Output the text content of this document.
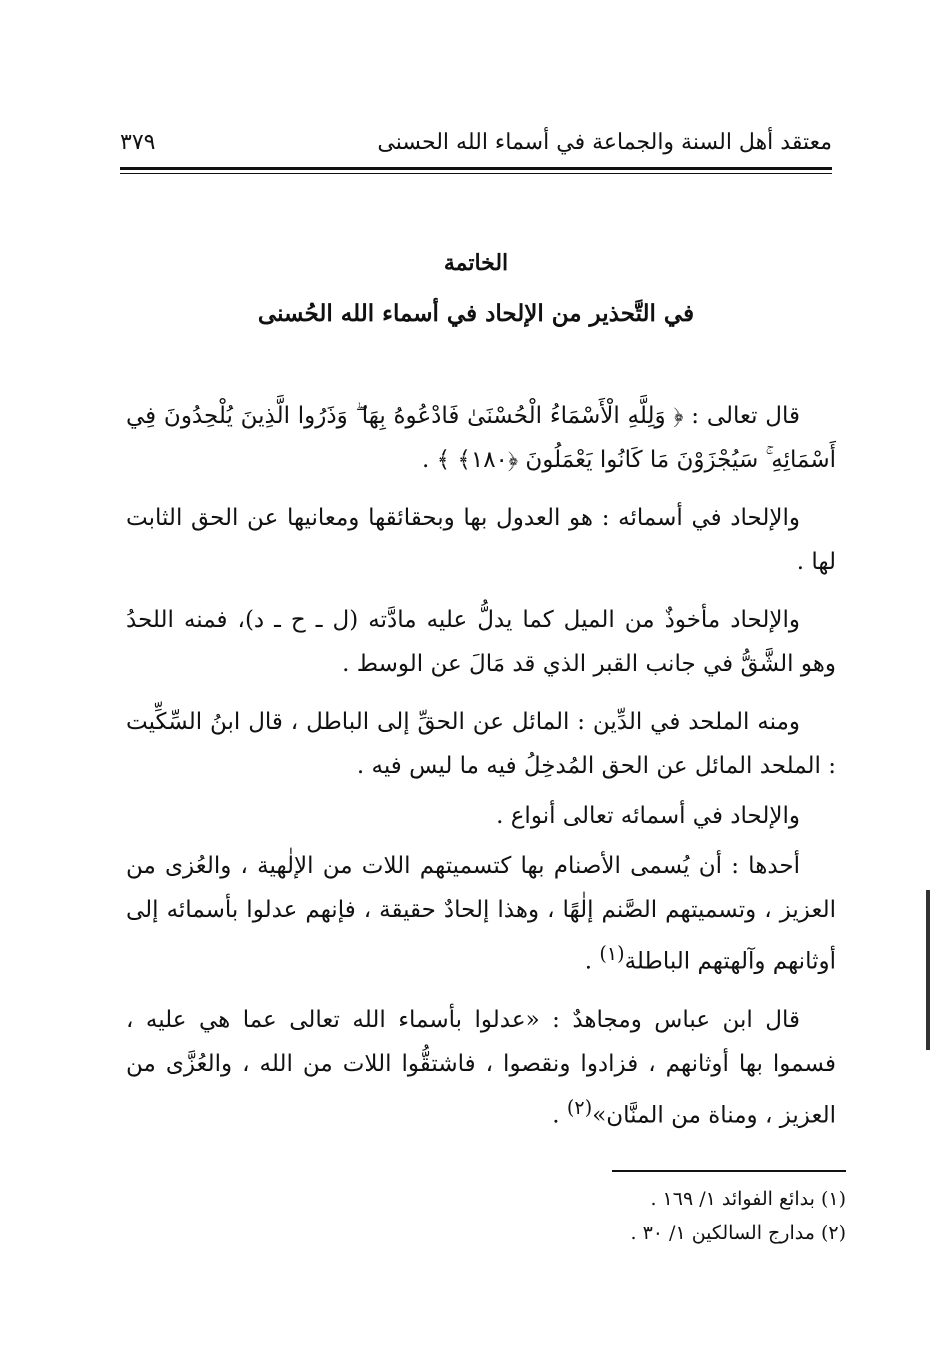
معتقد أهل السنة والجماعة في أسماء الله الحسنى
٣٧٩
الخاتمة
في التَّحذير من الإلحاد في أسماء الله الحُسنى

قال تعالى : ﴿ وَلِلَّهِ الْأَسْمَاءُ الْحُسْنَىٰ فَادْعُوهُ بِهَا ۖ وَذَرُوا الَّذِينَ يُلْحِدُونَ فِي أَسْمَائِهِ ۚ سَيُجْزَوْنَ مَا كَانُوا يَعْمَلُونَ ﴿١٨٠﴾ ﴾ .

والإلحاد في أسمائه : هو العدول بها وبحقائقها ومعانيها عن الحق الثابت لها .

والإلحاد مأخوذٌ من الميل كما يدلُّ عليه مادَّته (ل ـ ح ـ د)، فمنه اللحدُ وهو الشَّقُّ في جانب القبر الذي قد مَالَ عن الوسط .

ومنه الملحد في الدِّين : المائل عن الحقِّ إلى الباطل ، قال ابنُ السِّكِّيت : الملحد المائل عن الحق المُدخِلُ فيه ما ليس فيه .

والإلحاد في أسمائه تعالى أنواع .

أحدها : أن يُسمى الأصنام بها كتسميتهم اللات من الإلٰهية ، والعُزى من العزيز ، وتسميتهم الصَّنم إلٰهًا ، وهذا إلحادٌ حقيقة ، فإنهم عدلوا بأسمائه إلى أوثانهم وآلهتهم الباطلة$^{(١)}$ .

قال ابن عباس ومجاهدٌ : «عدلوا بأسماء الله تعالى عما هي عليه ، فسموا بها أوثانهم ، فزادوا ونقصوا ، فاشتقُّوا اللات من الله ، والعُزَّى من العزيز ، ومناة من المنَّان»$^{(٢)}$ .

(١) بدائع الفوائد ١/ ١٦٩ .
(٢) مدارج السالكين ١/ ٣٠ .
